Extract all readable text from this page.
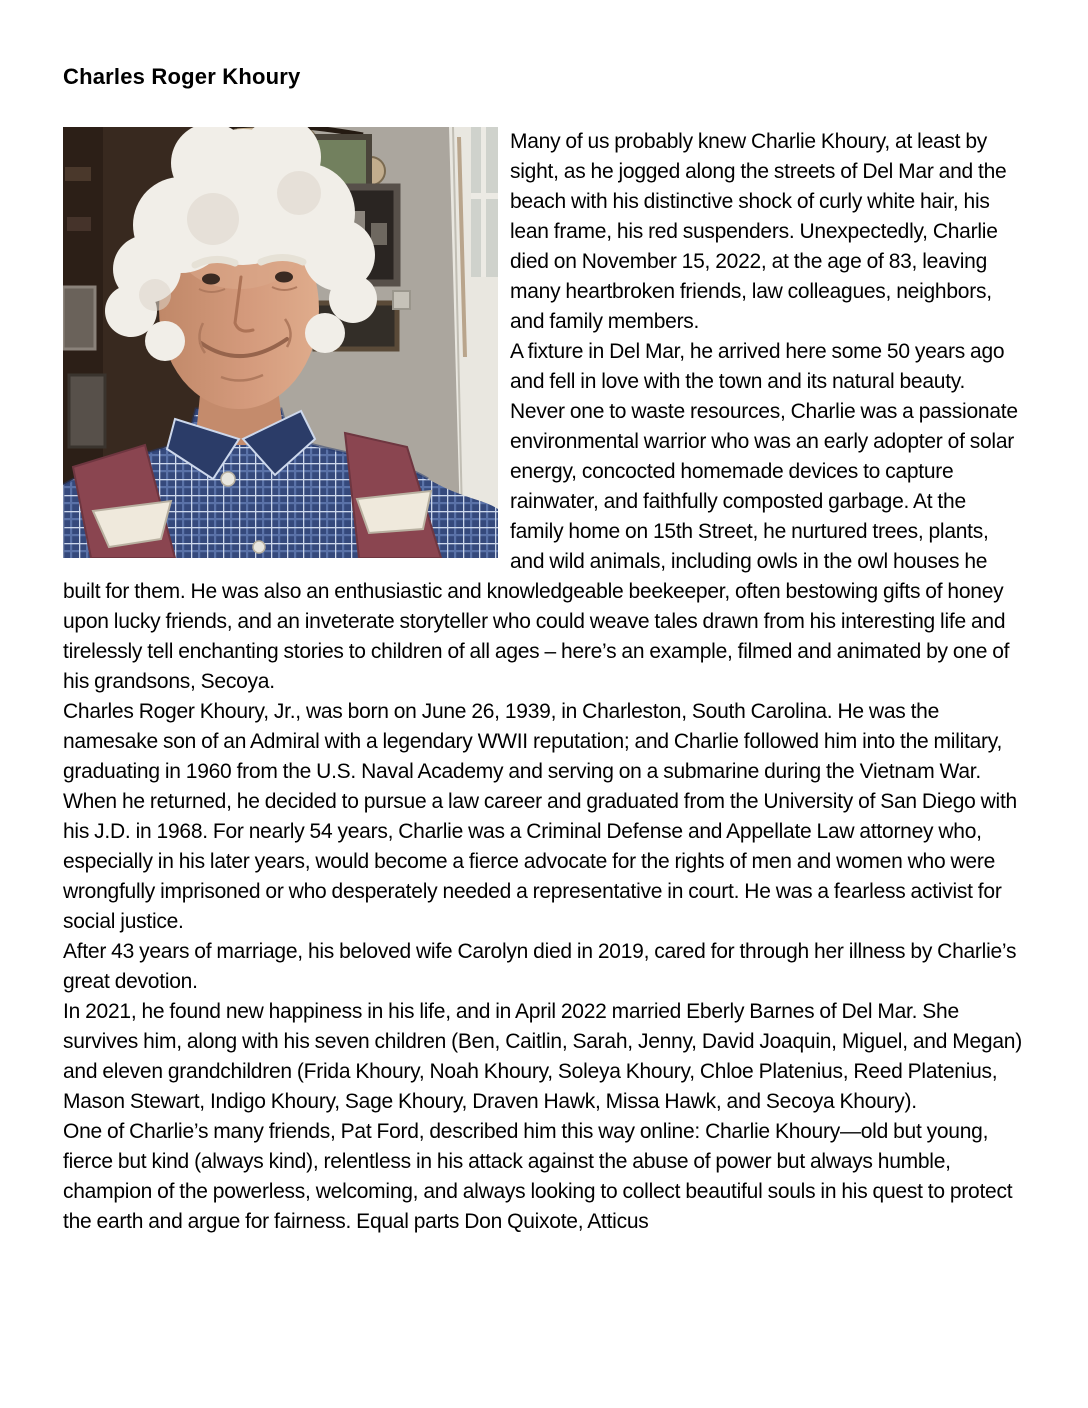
Charles Roger Khoury

Many of us probably knew Charlie Khoury, at least by sight, as he jogged along the streets of Del Mar and the beach with his distinctive shock of curly white hair, his lean frame, his red suspenders. Unexpectedly, Charlie died on November 15, 2022, at the age of 83, leaving many heartbroken friends, law colleagues, neighbors, and family members.

A fixture in Del Mar, he arrived here some 50 years ago and fell in love with the town and its natural beauty. Never one to waste resources, Charlie was a passionate environmental warrior who was an early adopter of solar energy, concocted homemade devices to capture rainwater, and faithfully composted garbage. At the family home on 15th Street, he nurtured trees, plants, and wild animals, including owls in the owl houses he built for them. He was also an enthusiastic and knowledgeable beekeeper, often bestowing gifts of honey upon lucky friends, and an inveterate storyteller who could weave tales drawn from his interesting life and tirelessly tell enchanting stories to children of all ages – here’s an example, filmed and animated by one of his grandsons, Secoya.

Charles Roger Khoury, Jr., was born on June 26, 1939, in Charleston, South Carolina. He was the namesake son of an Admiral with a legendary WWII reputation; and Charlie followed him into the military, graduating in 1960 from the U.S. Naval Academy and serving on a submarine during the Vietnam War.

When he returned, he decided to pursue a law career and graduated from the University of San Diego with his J.D. in 1968. For nearly 54 years, Charlie was a Criminal Defense and Appellate Law attorney who, especially in his later years, would become a fierce advocate for the rights of men and women who were wrongfully imprisoned or who desperately needed a representative in court. He was a fearless activist for social justice.

After 43 years of marriage, his beloved wife Carolyn died in 2019, cared for through her illness by Charlie’s great devotion.

In 2021, he found new happiness in his life, and in April 2022 married Eberly Barnes of Del Mar. She survives him, along with his seven children (Ben, Caitlin, Sarah, Jenny, David Joaquin, Miguel, and Megan) and eleven grandchildren (Frida Khoury, Noah Khoury, Soleya Khoury, Chloe Platenius, Reed Platenius, Mason Stewart, Indigo Khoury, Sage Khoury, Draven Hawk, Missa Hawk, and Secoya Khoury).

One of Charlie’s many friends, Pat Ford, described him this way online: Charlie Khoury—old but young, fierce but kind (always kind), relentless in his attack against the abuse of power but always humble, champion of the powerless, welcoming, and always looking to collect beautiful souls in his quest to protect the earth and argue for fairness. Equal parts Don Quixote, Atticus
